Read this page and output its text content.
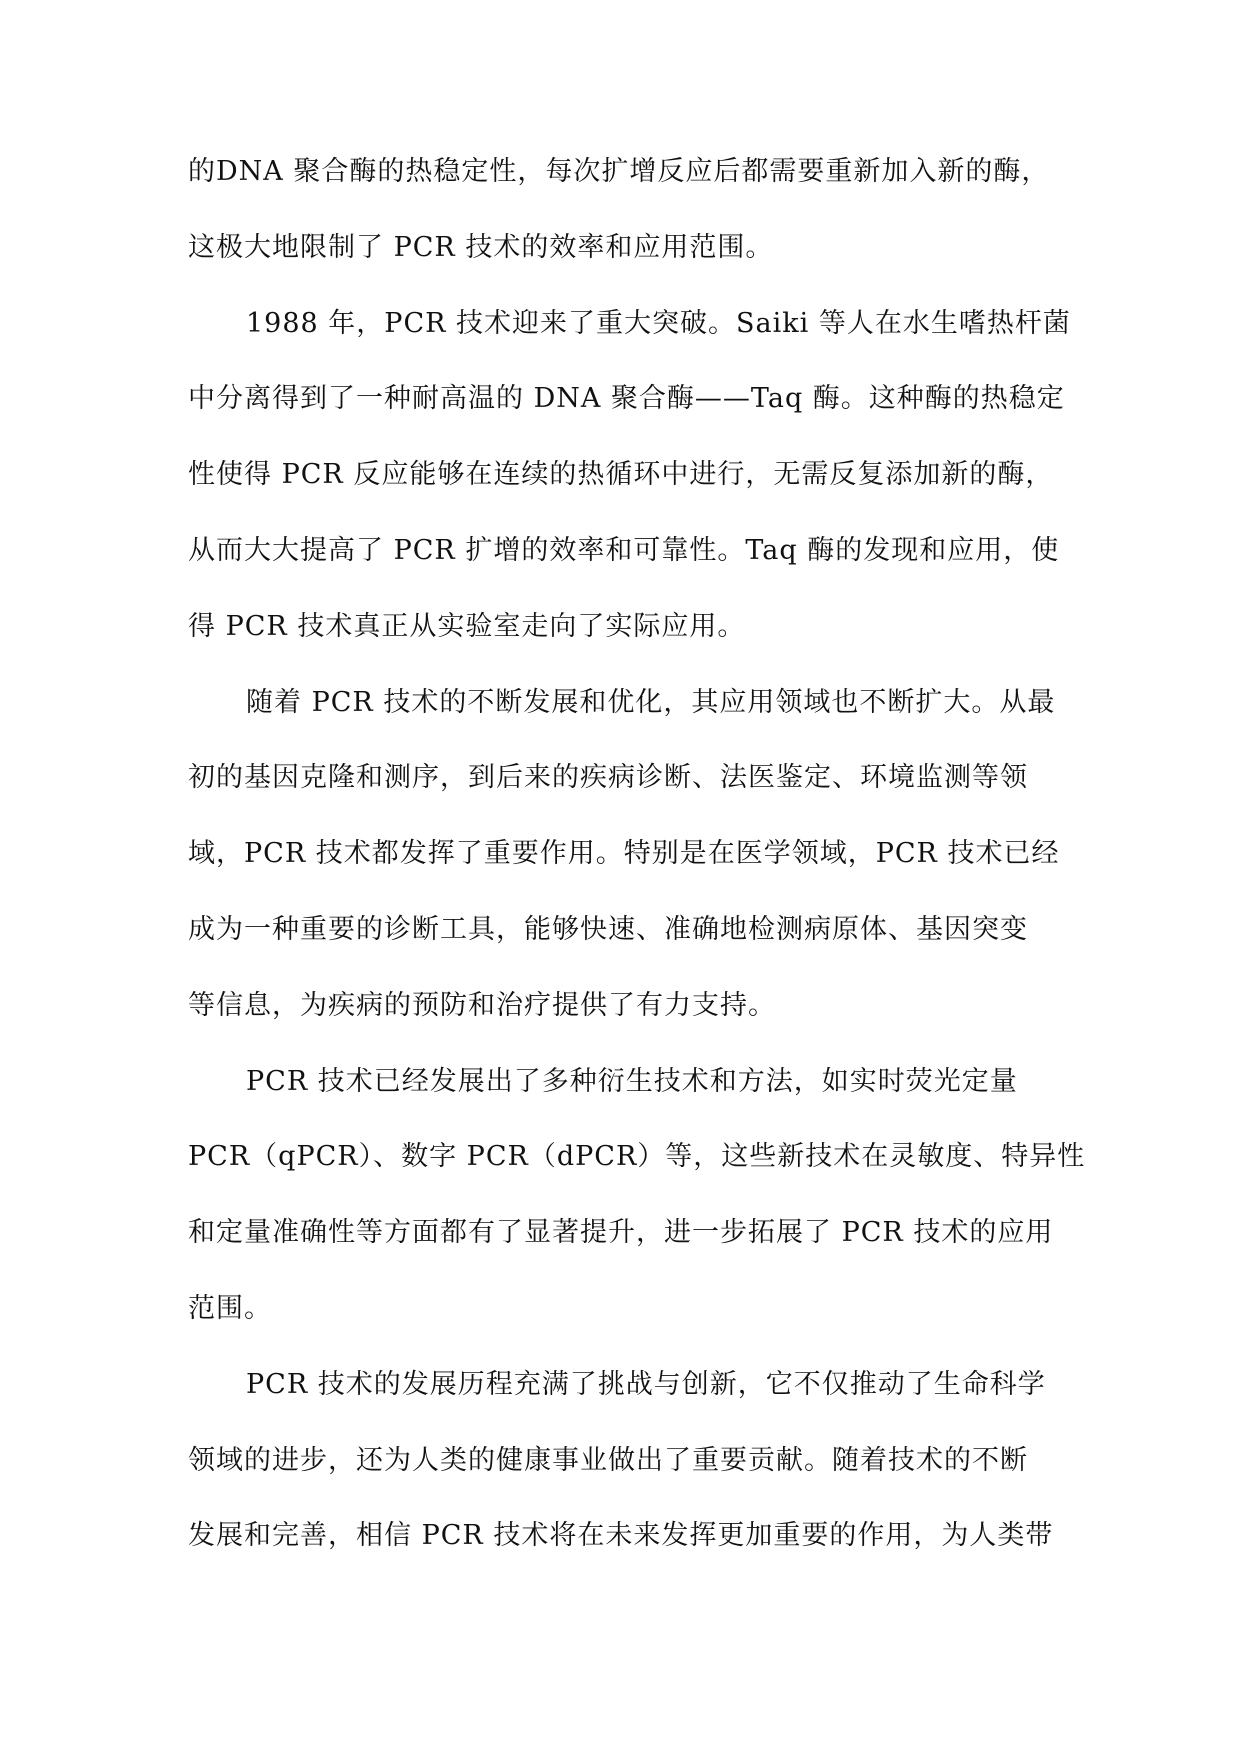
的DNA 聚合酶的热稳定性，每次扩增反应后都需要重新加入新的酶，
这极大地限制了 PCR 技术的效率和应用范围。
1988 年，PCR 技术迎来了重大突破。Saiki 等人在水生嗜热杆菌
中分离得到了一种耐高温的 DNA 聚合酶——Taq 酶。这种酶的热稳定
性使得 PCR 反应能够在连续的热循环中进行，无需反复添加新的酶，
从而大大提高了 PCR 扩增的效率和可靠性。Taq 酶的发现和应用，使
得 PCR 技术真正从实验室走向了实际应用。
随着 PCR 技术的不断发展和优化，其应用领域也不断扩大。从最
初的基因克隆和测序，到后来的疾病诊断、法医鉴定、环境监测等领
域，PCR 技术都发挥了重要作用。特别是在医学领域，PCR 技术已经
成为一种重要的诊断工具，能够快速、准确地检测病原体、基因突变
等信息，为疾病的预防和治疗提供了有力支持。
PCR 技术已经发展出了多种衍生技术和方法，如实时荧光定量
PCR（qPCR）、数字 PCR（dPCR）等，这些新技术在灵敏度、特异性
和定量准确性等方面都有了显著提升，进一步拓展了 PCR 技术的应用
范围。
PCR 技术的发展历程充满了挑战与创新，它不仅推动了生命科学
领域的进步，还为人类的健康事业做出了重要贡献。随着技术的不断
发展和完善，相信 PCR 技术将在未来发挥更加重要的作用，为人类带
